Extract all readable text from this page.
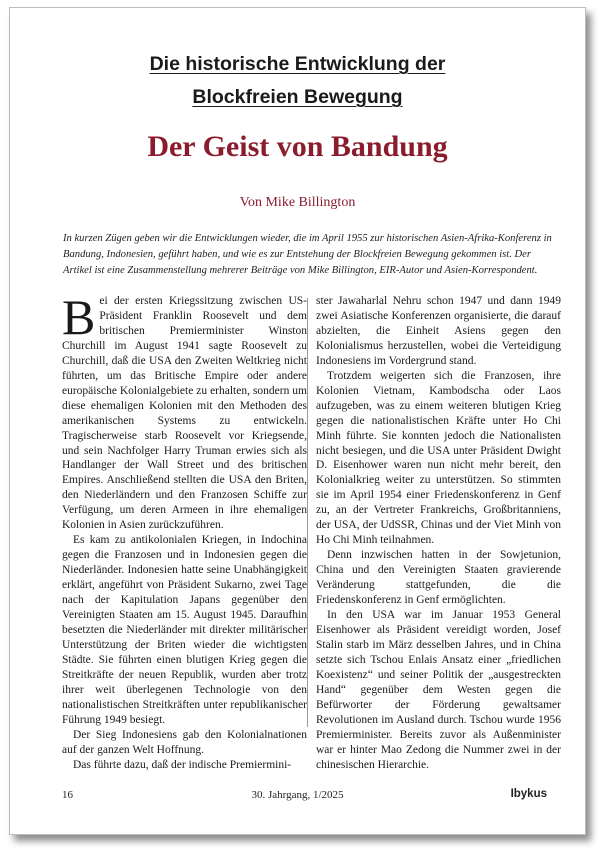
Die historische Entwicklung der
Blockfreien Bewegung
Der Geist von Bandung
Von Mike Billington

In kurzen Zügen geben wir die Entwicklungen wieder, die im April 1955 zur historischen Asien-Afrika-Konferenz in Bandung, Indonesien, geführt haben, und wie es zur Entstehung der Blockfreien Bewegung gekommen ist. Der Artikel ist eine Zusammenstellung mehrerer Beiträge von Mike Billington, EIR-Autor und Asien-Korrespondent.

Bei der ersten Kriegssitzung zwischen US-Präsident Franklin Roosevelt und dem britischen Premierminister Winston Churchill im August 1941 sagte Roosevelt zu Churchill, daß die USA den Zweiten Weltkrieg nicht führten, um das Britische Empire oder andere europäische Kolonialgebiete zu erhalten, sondern um diese ehemaligen Kolonien mit den Methoden des amerikanischen Systems zu entwickeln. Tragischerweise starb Roosevelt vor Kriegsende, und sein Nachfolger Harry Truman erwies sich als Handlanger der Wall Street und des britischen Empires. Anschließend stellten die USA den Briten, den Niederländern und den Franzosen Schiffe zur Verfügung, um deren Armeen in ihre ehemaligen Kolonien in Asien zurückzuführen.

Es kam zu antikolonialen Kriegen, in Indochina gegen die Franzosen und in Indonesien gegen die Niederländer. Indonesien hatte seine Unabhängigkeit erklärt, angeführt von Präsident Sukarno, zwei Tage nach der Kapitulation Japans gegenüber den Vereinigten Staaten am 15. August 1945. Daraufhin besetzten die Niederländer mit direkter militärischer Unterstützung der Briten wieder die wichtigsten Städte. Sie führten einen blutigen Krieg gegen die Streitkräfte der neuen Republik, wurden aber trotz ihrer weit überlegenen Technologie von den nationalistischen Streitkräften unter republikanischer Führung 1949 besiegt.

Der Sieg Indonesiens gab den Kolonialnationen auf der ganzen Welt Hoffnung.

Das führte dazu, daß der indische Premiermini-

ster Jawaharlal Nehru schon 1947 und dann 1949 zwei Asiatische Konferenzen organisierte, die darauf abzielten, die Einheit Asiens gegen den Kolonialismus herzustellen, wobei die Verteidigung Indonesiens im Vordergrund stand.

Trotzdem weigerten sich die Franzosen, ihre Kolonien Vietnam, Kambodscha oder Laos aufzugeben, was zu einem weiteren blutigen Krieg gegen die nationalistischen Kräfte unter Ho Chi Minh führte. Sie konnten jedoch die Nationalisten nicht besiegen, und die USA unter Präsident Dwight D. Eisenhower waren nun nicht mehr bereit, den Kolonialkrieg weiter zu unterstützen. So stimmten sie im April 1954 einer Friedenskonferenz in Genf zu, an der Vertreter Frankreichs, Großbritanniens, der USA, der UdSSR, Chinas und der Viet Minh von Ho Chi Minh teilnahmen.

Denn inzwischen hatten in der Sowjetunion, China und den Vereinigten Staaten gravierende Veränderung stattgefunden, die die Friedenskonferenz in Genf ermöglichten.

In den USA war im Januar 1953 General Eisenhower als Präsident vereidigt worden, Josef Stalin starb im März desselben Jahres, und in China setzte sich Tschou Enlais Ansatz einer „friedlichen Koexistenz“ und seiner Politik der „ausgestreckten Hand“ gegenüber dem Westen gegen die Befürworter der Förderung gewaltsamer Revolutionen im Ausland durch. Tschou wurde 1956 Premierminister. Bereits zuvor als Außenminister war er hinter Mao Zedong die Nummer zwei in der chinesischen Hierarchie.

16	30. Jahrgang, 1/2025	Ibykus
